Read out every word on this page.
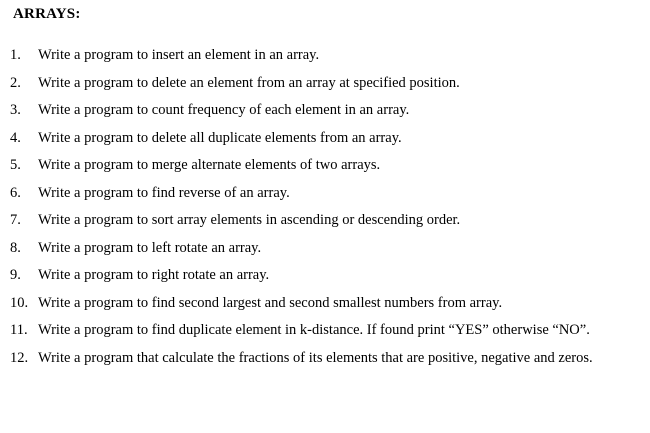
ARRAYS:
1.	Write a program to insert an element in an array.
2.	Write a program to delete an element from an array at specified position.
3.	Write a program to count frequency of each element in an array.
4.	Write a program to delete all duplicate elements from an array.
5.	Write a program to merge alternate elements of two arrays.
6.	Write a program to find reverse of an array.
7.	Write a program to sort array elements in ascending or descending order.
8.	Write a program to left rotate an array.
9.	Write a program to right rotate an array.
10. Write a program to find second largest and second smallest numbers from array.
11. Write a program to find duplicate element in k-distance. If found print “YES” otherwise “NO”.
12. Write a program that calculate the fractions of its elements that are positive, negative and zeros.
